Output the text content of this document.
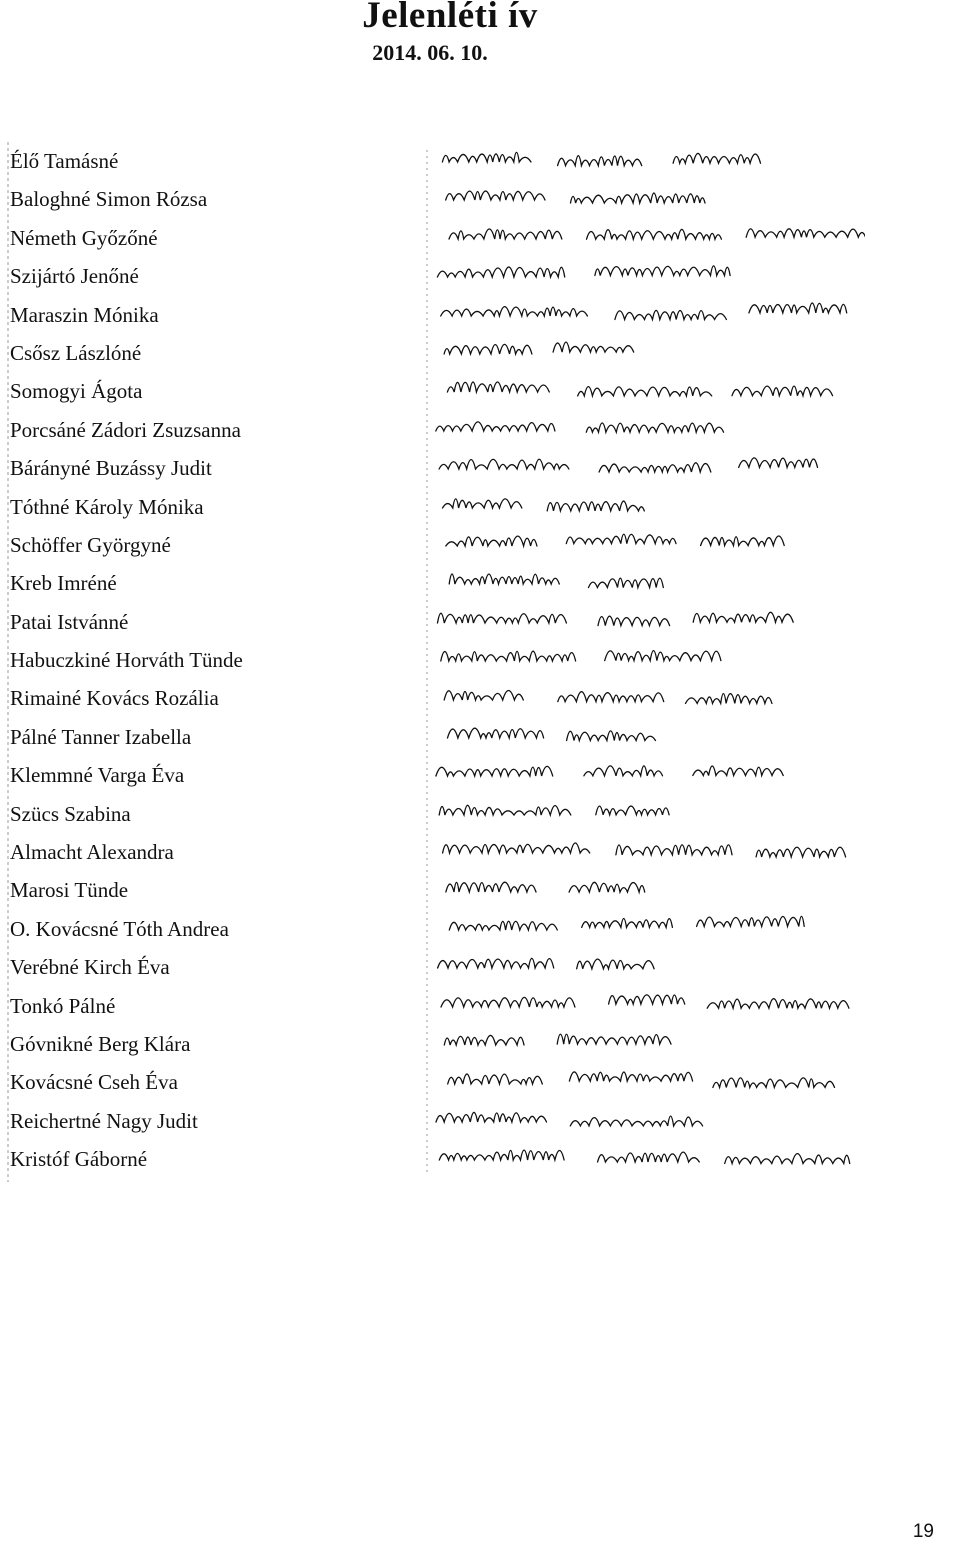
Jelenléti ív
2014. 06. 10.
Élő Tamásné
Baloghné Simon Rózsa
Németh Győzőné
Szijártó Jenőné
Maraszin Mónika
Csősz Lászlóné
Somogyi Ágota
Porcsáné Zádori Zsuzsanna
Bárányné Buzássy Judit
Tóthné Károly Mónika
Schöffer Györgyné
Kreb Imréné
Patai Istvánné
Habuczkiné Horváth Tünde
Rimainé Kovács Rozália
Pálné Tanner Izabella
Klemmné Varga Éva
Szücs Szabina
Almacht Alexandra
Marosi Tünde
O. Kovácsné Tóth Andrea
Verébné Kirch Éva
Tonkó Pálné
Góvnikné Berg Klára
Kovácsné Cseh Éva
Reichertné Nagy Judit
Kristóf Gáborné
19
